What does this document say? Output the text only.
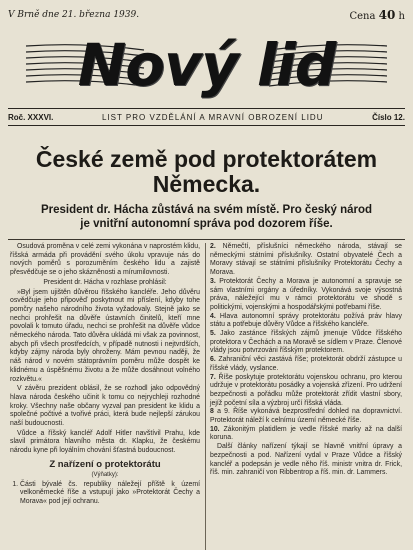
V Brně dne 21. března 1939.	Cena 40 h
Nový lid
Roč. XXXVI.	LIST PRO VZDĚLÁNÍ A MRAVNÍ OBROZENÍ LIDU	Číslo 12.
České země pod protektorátem
Německa.
President dr. Hácha zůstává na svém místě. Pro český národ
je vnitřní autonomní správa pod dozorem říše.

Osudová proměna v celé zemi vykonána v naprostém klidu, říšská armáda při provádění svého úkolu vpravuje nás do nových poměrů s porozuměním českého lidu a zajistě přesvědčuje se o jeho skázněnosti a mírumilovnosti.

President dr. Hácha v rozhlase prohlásil:

»Byl jsem ujištěn důvěrou říšského kancléře. Jeho důvěru osvědčuje jeho připověď poskytnout mi příslení, kdyby tohe pomčry našeho národního života vyžadovaly. Stejně jako se nechci prohřešit na důvěře ústavních činitelů, kteří mne povolali k tomuto úřadu, nechci se prohřešit na důvěře vůdce německého národa. Tato důvěra ukládá mi však za povinnost, abych při všech prostředcích, v případě nutnosti i nejtvrdších, kdyby zájmy národa byly ohroženy. Mám pevnou naději, že náš národ v novém státoprávním poměru může dospět ke klidnému a úspěšnému životu a že může dosáhnout volného rozkvětu.«

V závěru prezident oblásil, že se rozhodl jako odpovědný hlava národa českého učinit k tomu co nejrychleji rozhodné kroky. Všechny naše občany vyzval pan president ke klidu a společné počtivé a tvořivé práci, která bude nejlepší zárukou naší budoucnosti.

Vůdce a říšský kancléř Adolf Hitler navštívil Prahu, kde slavil primátora hlavního města dr. Klapku, že českému národu kyne při loyálním chování šťastná budoucnost.

Z nařízení o protektorátu

(Výňatky):

1. Části bývalé čs. republiky náležejí příště k území velkoněmecké říše a vstupují jako »Protektorát Čechy a Morava« pod její ochranu.
2. Němečtí, příslušníci německého národa, stávají se německými státními příslušníky. Ostatní obyvatelé Čech a Moravy stávají se státními příslušníky Protektorátu Čechy a Morava.
3. Protektorát Čechy a Morava je autonomní a spravuje se sám vlastními orgány a úředníky. Vykonává svoje výsostná práva, náležející mu v rámci protektorátu ve shodě s politickými, vojenskými a hospodářskými potřebami říše.
4. Hlava autonomní správy protektorátu požívá práv hlavy státu a potřebuje důvěry Vůdce a říšského kancléře.
5. Jako zastánce říšských zájmů jmenuje Vůdce říšského protektora v Čechách a na Moravě se sídlem v Praze. Členové vlády jsou potvrzováni říšským protektorem.
6. Zahraniční věci zastává říše; protektorát obdrží zástupce u říšské vlády, vyslance.
7. Říše poskytuje protektorátu vojenskou ochranu, pro kterou udržuje v protektorátu posádky a vojenská zřízení. Pro udržení bezpečnosti a pořádku může protektorát zřídit vlastní sbory, jejíž početní síla a výzbroj určí říšská vláda.
8 a 9. Říše vykonává bezprostřední dohled na dopravnictví. Protektorát náleží k celnímu území německé říše.
10. Zákonitým platidlem je vedle říšské marky až na další koruna.

Další články nařízení týkají se hlavně vnitřní úpravy a bezpečnosti a pod. Nařízení vydal v Praze Vůdce a říšský kancléř a podepsán je vedle něho říš. ministr vnitra dr. Frick, říš. min. zahraničí von Ribbentrop a říš. min. dr. Lammers.
